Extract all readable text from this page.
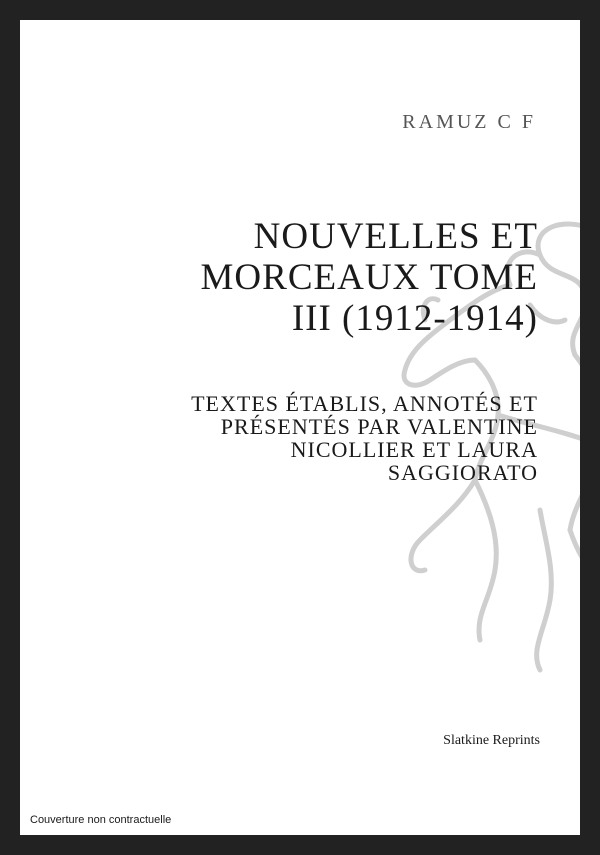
RAMUZ C F
NOUVELLES ET MORCEAUX TOME III (1912-1914)

TEXTES ÉTABLIS, ANNOTÉS ET PRÉSENTÉS PAR VALENTINE NICOLLIER ET LAURA SAGGIORATO

Slatkine Reprints

Couverture non contractuelle
